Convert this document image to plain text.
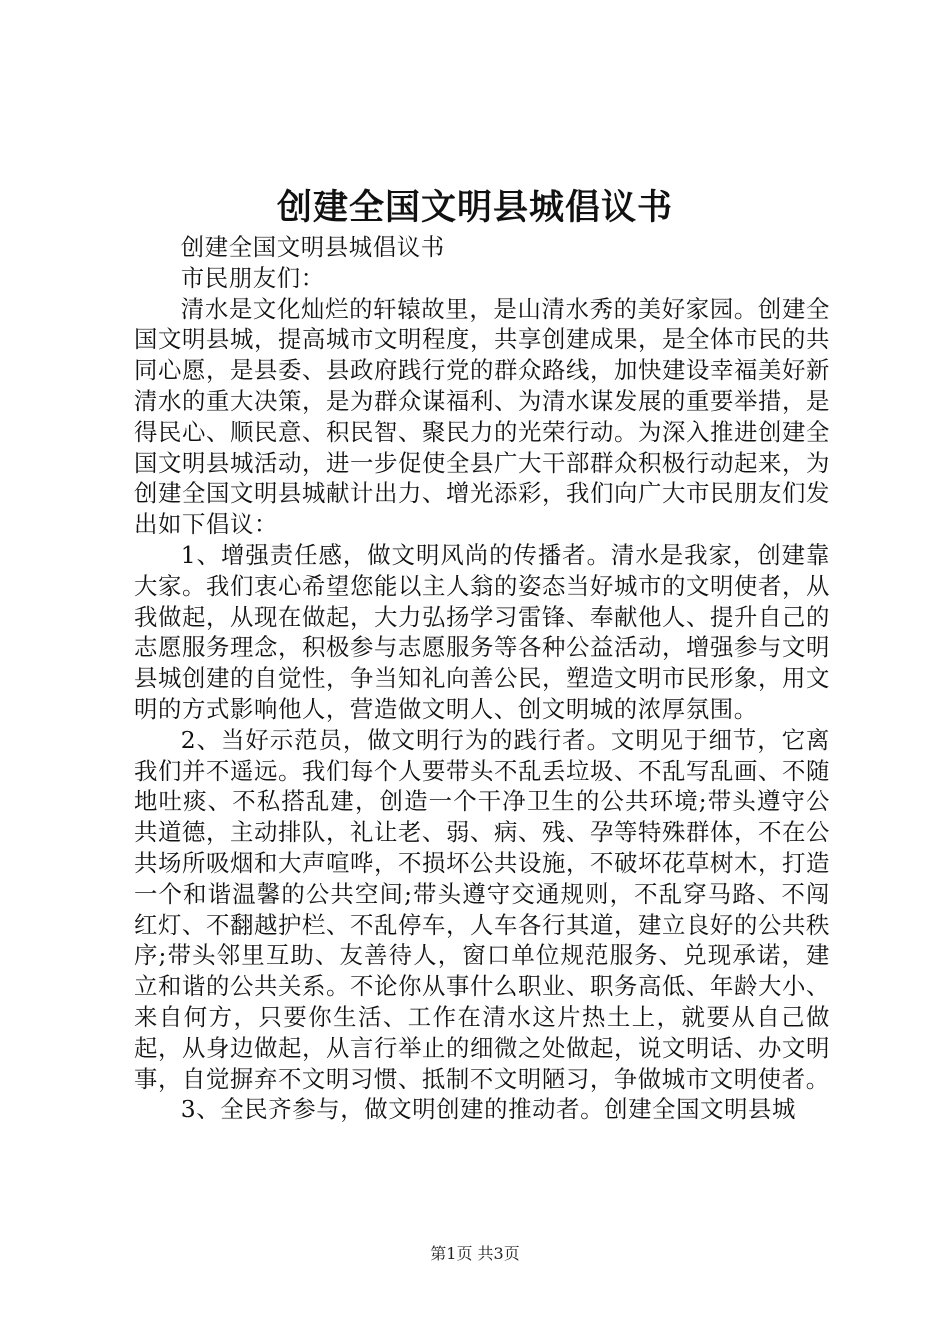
创建全国文明县城倡议书

创建全国文明县城倡议书

市民朋友们：

清水是文化灿烂的轩辕故里，是山清水秀的美好家园。创建全国文明县城，提高城市文明程度，共享创建成果，是全体市民的共同心愿，是县委、县政府践行党的群众路线，加快建设幸福美好新清水的重大决策，是为群众谋福利、为清水谋发展的重要举措，是得民心、顺民意、积民智、聚民力的光荣行动。为深入推进创建全国文明县城活动，进一步促使全县广大干部群众积极行动起来，为创建全国文明县城献计出力、增光添彩，我们向广大市民朋友们发出如下倡议：

1、增强责任感，做文明风尚的传播者。清水是我家，创建靠大家。我们衷心希望您能以主人翁的姿态当好城市的文明使者，从我做起，从现在做起，大力弘扬学习雷锋、奉献他人、提升自己的志愿服务理念，积极参与志愿服务等各种公益活动，增强参与文明县城创建的自觉性，争当知礼向善公民，塑造文明市民形象，用文明的方式影响他人，营造做文明人、创文明城的浓厚氛围。

2、当好示范员，做文明行为的践行者。文明见于细节，它离我们并不遥远。我们每个人要带头不乱丢垃圾、不乱写乱画、不随地吐痰、不私搭乱建，创造一个干净卫生的公共环境;带头遵守公共道德，主动排队，礼让老、弱、病、残、孕等特殊群体，不在公共场所吸烟和大声喧哗，不损坏公共设施，不破坏花草树木，打造一个和谐温馨的公共空间;带头遵守交通规则，不乱穿马路、不闯红灯、不翻越护栏、不乱停车，人车各行其道，建立良好的公共秩序;带头邻里互助、友善待人，窗口单位规范服务、兑现承诺，建立和谐的公共关系。不论你从事什么职业、职务高低、年龄大小、来自何方，只要你生活、工作在清水这片热土上，就要从自己做起，从身边做起，从言行举止的细微之处做起，说文明话、办文明事，自觉摒弃不文明习惯、抵制不文明陋习，争做城市文明使者。

3、全民齐参与，做文明创建的推动者。创建全国文明县城

第1页 共3页
